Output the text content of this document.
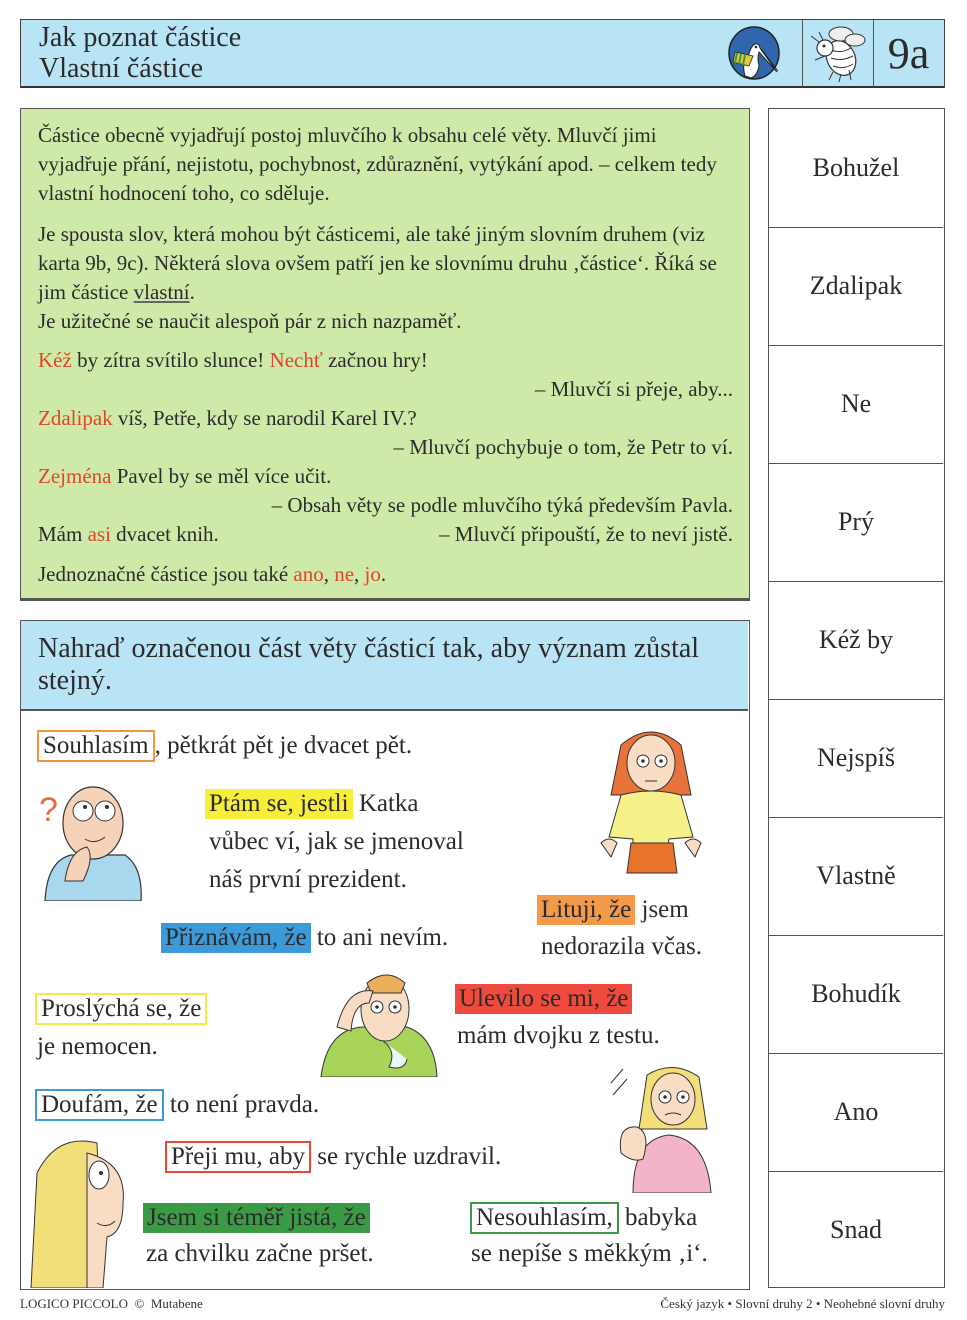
Jak poznat částice
Vlastní částice	9a
Částice obecně vyjadřují postoj mluvčího k obsahu celé věty. Mluvčí jimi vyjadřuje přání, nejistotu, pochybnost, zdůraznění, vytýkání apod. – celkem tedy vlastní hodnocení toho, co sděluje.
Je spousta slov, která mohou být částicemi, ale také jiným slovním druhem (viz karta 9b, 9c). Některá slova ovšem patří jen ke slovnímu druhu ‚částice‘. Říká se jim částice vlastní.
Je užitečné se naučit alespoň pár z nich nazpaměť.
Kéž by zítra svítilo slunce! Nechť začnou hry!
– Mluvčí si přeje, aby...
Zdalipak víš, Petře, kdy se narodil Karel IV.?
– Mluvčí pochybuje o tom, že Petr to ví.
Zejména Pavel by se měl více učit.
– Obsah věty se podle mluvčího týká především Pavla.
Mám asi dvacet knih.	– Mluvčí připouští, že to neví jistě.
Jednoznačné částice jsou také ano, ne, jo.
Nahraď označenou část věty částicí tak, aby význam zůstal stejný.
Souhlasím , pětkrát pět je dvacet pět.
Ptám se, jestli Katka
vůbec ví, jak se jmenoval
náš první prezident.
Přiznávám, že to ani nevím.
Lituji, že jsem
nedorazila včas.
Proslýchá se, že
je nemocen.
Ulevilo se mi, že
mám dvojku z testu.
Doufám, že to není pravda.
Přeji mu, aby se rychle uzdravil.
Jsem si téměř jistá, že
za chvilku začne pršet.
Nesouhlasím, babyka
se nepíše s měkkým ‚i‘.
?
Bohužel
Zdalipak
Ne
Prý
Kéž by
Nejspíš
Vlastně
Bohudík
Ano
Snad
LOGICO PICCOLO  ©  Mutabene	Český jazyk • Slovní druhy 2 • Neohebné slovní druhy
